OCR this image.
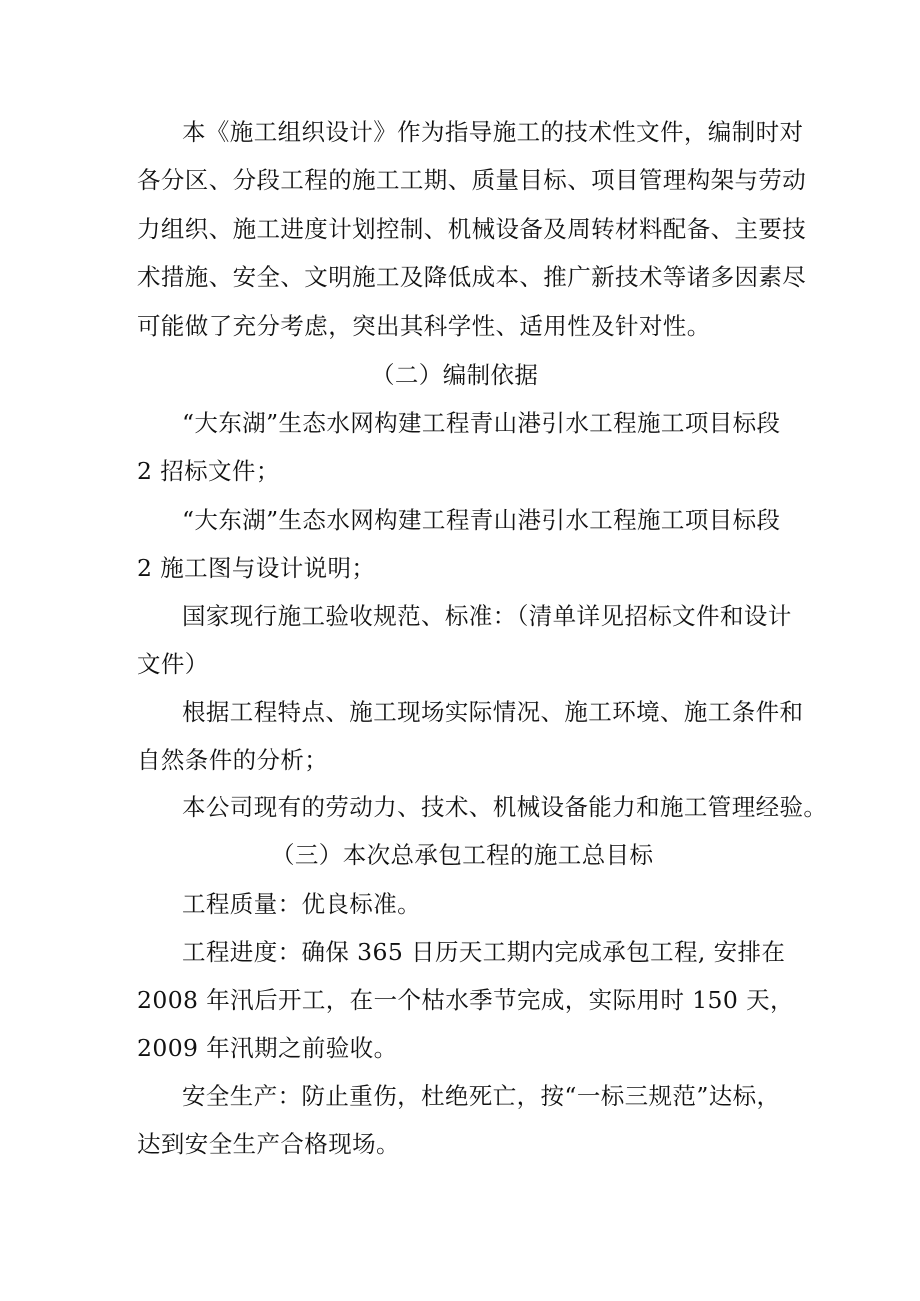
本《施工组织设计》作为指导施工的技术性文件，编制时对
各分区、分段工程的施工工期、质量目标、项目管理构架与劳动
力组织、施工进度计划控制、机械设备及周转材料配备、主要技
术措施、安全、文明施工及降低成本、推广新技术等诸多因素尽
可能做了充分考虑，突出其科学性、适用性及针对性。
（二）编制依据
“大东湖”生态水网构建工程青山港引水工程施工项目标段
2 招标文件；
“大东湖”生态水网构建工程青山港引水工程施工项目标段
2 施工图与设计说明；
国家现行施工验收规范、标准：（清单详见招标文件和设计
文件）
根据工程特点、施工现场实际情况、施工环境、施工条件和
自然条件的分析；
本公司现有的劳动力、技术、机械设备能力和施工管理经验。
（三）本次总承包工程的施工总目标
工程质量：优良标准。
工程进度：确保 365 日历天工期内完成承包工程, 安排在
2008 年汛后开工，在一个枯水季节完成，实际用时 150 天，
2009 年汛期之前验收。
安全生产：防止重伤，杜绝死亡，按“一标三规范”达标，
达到安全生产合格现场。
